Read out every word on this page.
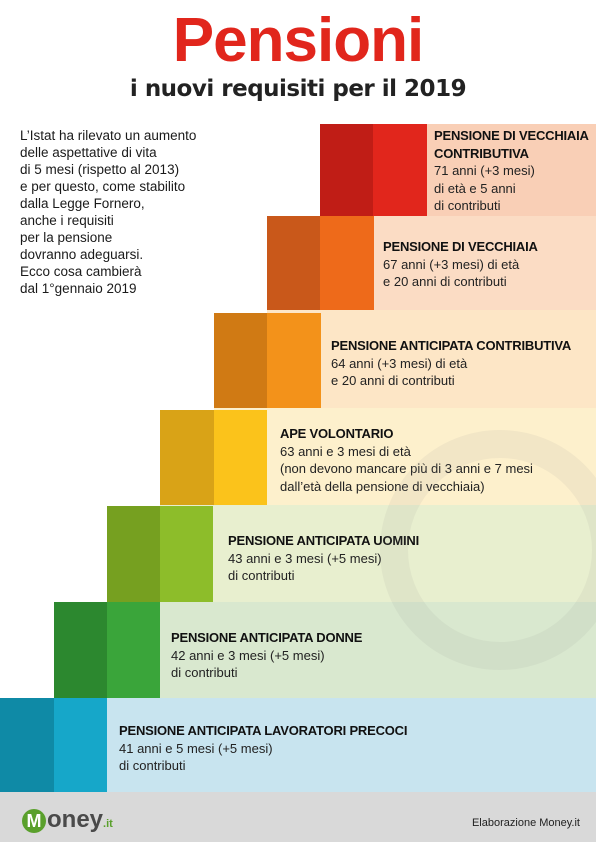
Pensioni
i nuovi requisiti per il 2019
L’Istat ha rilevato un aumento
delle aspettative di vita
di 5 mesi (rispetto al 2013)
e per questo, come stabilito
dalla Legge Fornero,
anche i requisiti
per la pensione
dovranno adeguarsi.
Ecco cosa cambierà
dal 1°gennaio 2019
PENSIONE DI VECCHIAIA
CONTRIBUTIVA
71 anni (+3 mesi)
di età e 5 anni
di contributi
PENSIONE DI VECCHIAIA
67 anni (+3 mesi) di età
e 20 anni di contributi
PENSIONE ANTICIPATA CONTRIBUTIVA
64 anni (+3 mesi) di età
e 20 anni di contributi
APE VOLONTARIO
63 anni e 3 mesi di età
(non devono mancare più di 3 anni e 7 mesi
dall’età della pensione di vecchiaia)
PENSIONE ANTICIPATA UOMINI
43 anni e 3 mesi (+5 mesi)
di contributi
PENSIONE ANTICIPATA DONNE
42 anni e 3 mesi (+5 mesi)
di contributi
PENSIONE ANTICIPATA LAVORATORI PRECOCI
41 anni e 5 mesi (+5 mesi)
di contributi
M oney.it	Elaborazione Money.it
